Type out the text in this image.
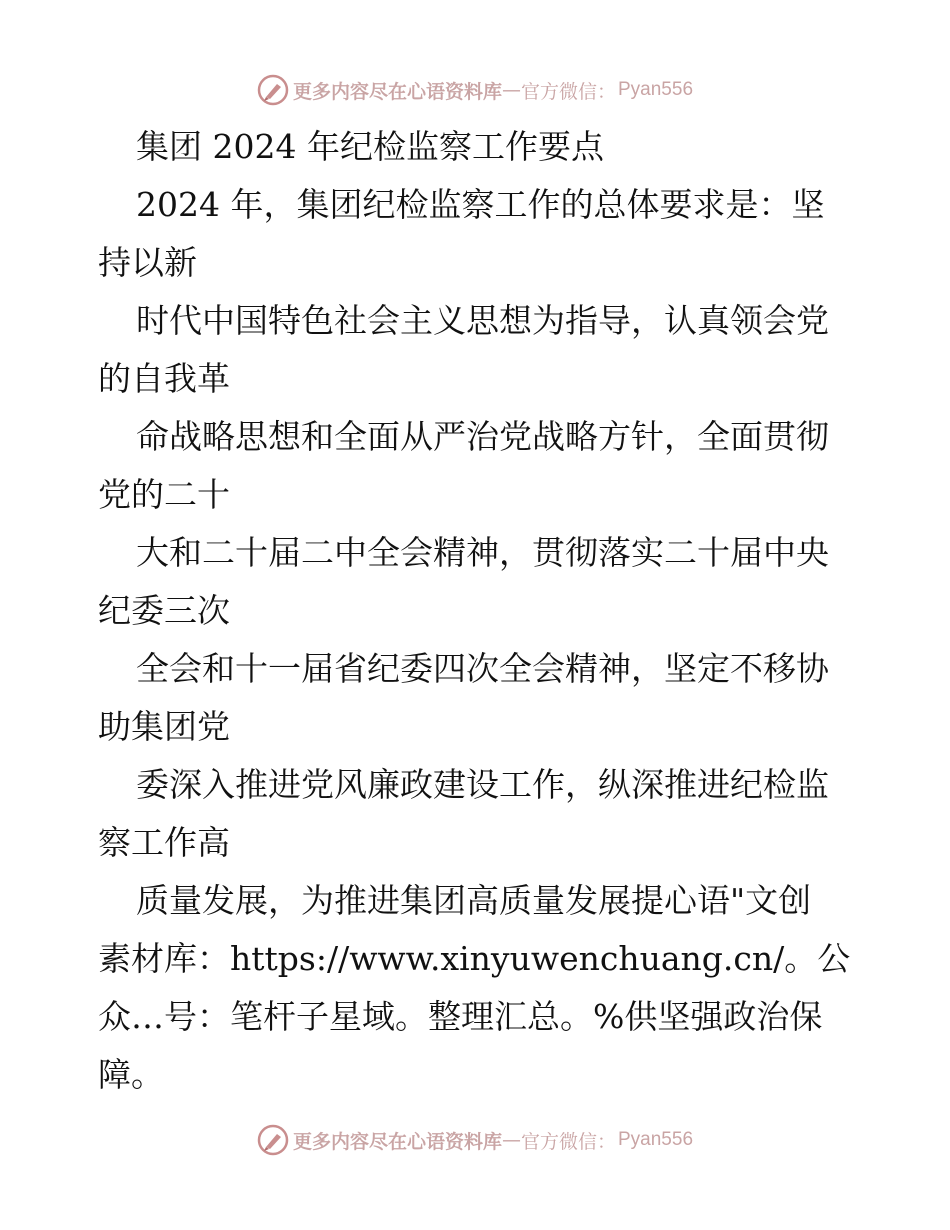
更多内容尽在心语资料库 — 官方微信： Pyan556
集团 2024 年纪检监察工作要点
2024 年，集团纪检监察工作的总体要求是：坚
持以新
时代中国特色社会主义思想为指导，认真领会党
的自我革
命战略思想和全面从严治党战略方针，全面贯彻
党的二十
大和二十届二中全会精神，贯彻落实二十届中央
纪委三次
全会和十一届省纪委四次全会精神，坚定不移协
助集团党
委深入推进党风廉政建设工作，纵深推进纪检监
察工作高
质量发展，为推进集团高质量发展提心语"文创
素材库：https://www.xinyuwenchuang.cn/。公
众…号：笔杆子星域。整理汇总。%供坚强政治保
障。
更多内容尽在心语资料库 — 官方微信： Pyan556
